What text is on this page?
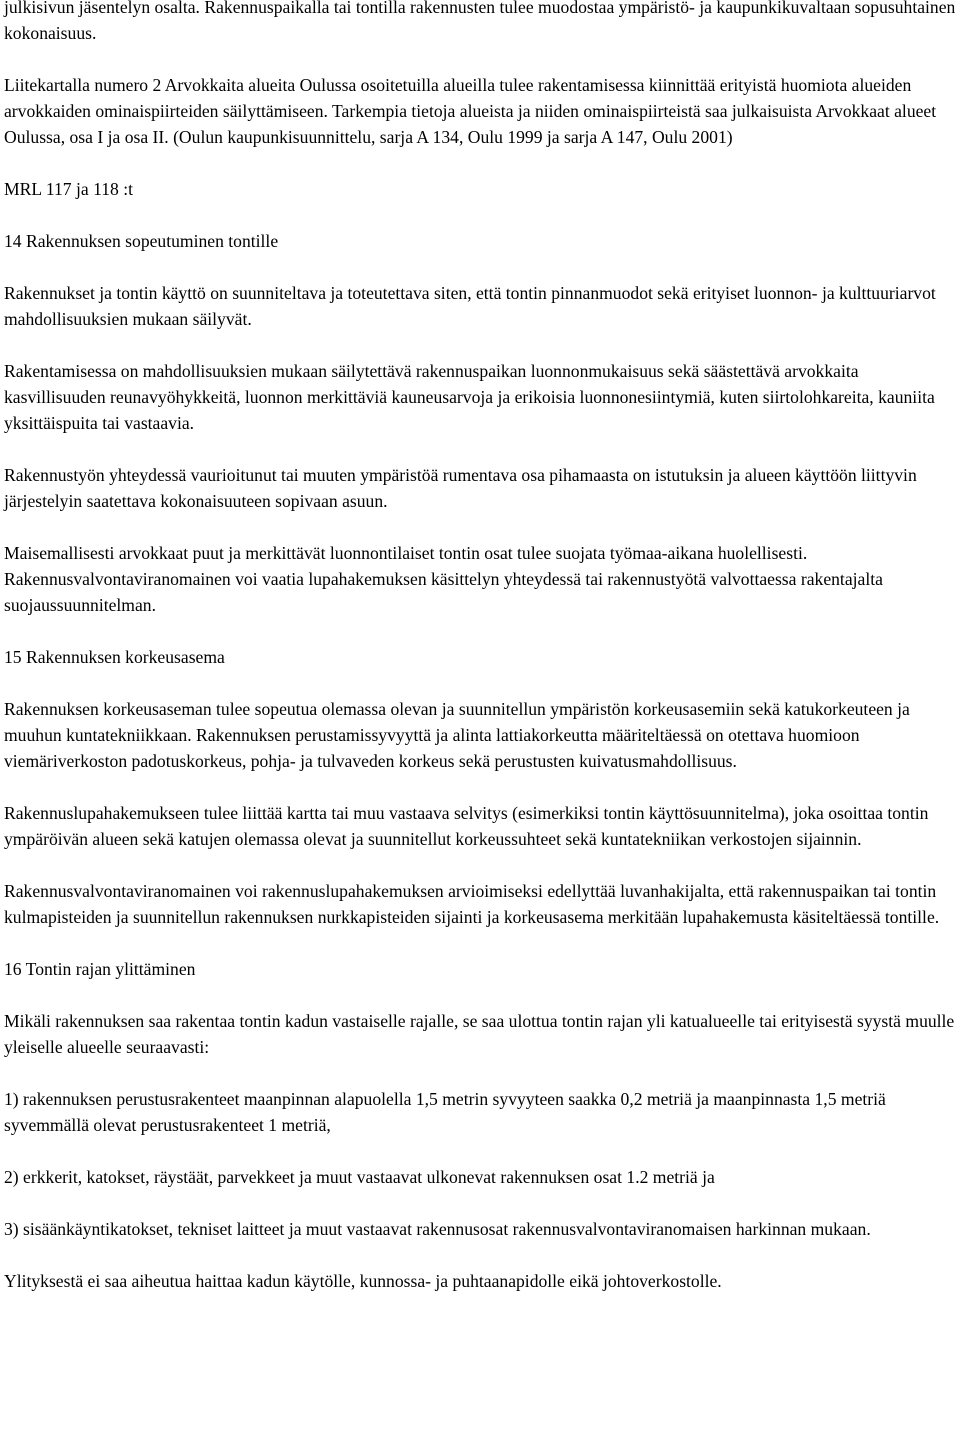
julkisivun jäsentelyn osalta. Rakennuspaikalla tai tontilla rakennusten tulee muodostaa ympäristö- ja kaupunkikuvaltaan sopusuhtainen kokonaisuus.

Liitekartalla numero 2 Arvokkaita alueita Oulussa osoitetuilla alueilla tulee rakentamisessa kiinnittää erityistä huomiota alueiden arvokkaiden ominaispiirteiden säilyttämiseen. Tarkempia tietoja alueista ja niiden ominaispiirteistä saa julkaisuista Arvokkaat alueet Oulussa, osa I ja osa II. (Oulun kaupunkisuunnittelu, sarja A 134, Oulu 1999 ja sarja A 147, Oulu 2001)

MRL 117 ja 118 :t

14 Rakennuksen sopeutuminen tontille

Rakennukset ja tontin käyttö on suunniteltava ja toteutettava siten, että tontin pinnanmuodot sekä erityiset luonnon- ja kulttuuriarvot mahdollisuuksien mukaan säilyvät.

Rakentamisessa on mahdollisuuksien mukaan säilytettävä rakennuspaikan luonnonmukaisuus sekä säästettävä arvokkaita kasvillisuuden reunavyöhykkeitä, luonnon merkittäviä kauneusarvoja ja erikoisia luonnonesiintymiä, kuten siirtolohkareita, kauniita yksittäispuita tai vastaavia.

Rakennustyön yhteydessä vaurioitunut tai muuten ympäristöä rumentava osa pihamaasta on istutuksin ja alueen käyttöön liittyvin järjestelyin saatettava kokonaisuuteen sopivaan asuun.

Maisemallisesti arvokkaat puut ja merkittävät luonnontilaiset tontin osat tulee suojata työmaa-aikana huolellisesti. Rakennusvalvontaviranomainen voi vaatia lupahakemuksen käsittelyn yhteydessä tai rakennustyötä valvottaessa rakentajalta suojaussuunnitelman.

15 Rakennuksen korkeusasema

Rakennuksen korkeusaseman tulee sopeutua olemassa olevan ja suunnitellun ympäristön korkeusasemiin sekä katukorkeuteen ja muuhun kuntatekniikkaan. Rakennuksen perustamissyvyyttä ja alinta lattiakorkeutta määriteltäessä on otettava huomioon viemäriverkoston padotuskorkeus, pohja- ja tulvaveden korkeus sekä perustusten kuivatusmahdollisuus.

Rakennuslupahakemukseen tulee liittää kartta tai muu vastaava selvitys (esimerkiksi tontin käyttösuunnitelma), joka osoittaa tontin ympäröivän alueen sekä katujen olemassa olevat ja suunnitellut korkeussuhteet sekä kuntatekniikan verkostojen sijainnin.

Rakennusvalvontaviranomainen voi rakennuslupahakemuksen arvioimiseksi edellyttää luvanhakijalta, että rakennuspaikan tai tontin kulmapisteiden ja suunnitellun rakennuksen nurkkapisteiden sijainti ja korkeusasema merkitään lupahakemusta käsiteltäessä tontille.

16 Tontin rajan ylittäminen

Mikäli rakennuksen saa rakentaa tontin kadun vastaiselle rajalle, se saa ulottua tontin rajan yli katualueelle tai erityisestä syystä muulle yleiselle alueelle seuraavasti:

1) rakennuksen perustusrakenteet maanpinnan alapuolella 1,5 metrin syvyyteen saakka 0,2 metriä ja maanpinnasta 1,5 metriä syvemmällä olevat perustusrakenteet 1 metriä,

2) erkkerit, katokset, räystäät, parvekkeet ja muut vastaavat ulkonevat rakennuksen osat 1.2 metriä ja

3) sisäänkäyntikatokset, tekniset laitteet ja muut vastaavat rakennusosat rakennusvalvontaviranomaisen harkinnan mukaan.

Ylityksestä ei saa aiheutua haittaa kadun käytölle, kunnossa- ja puhtaanapidolle eikä johtoverkostolle.
